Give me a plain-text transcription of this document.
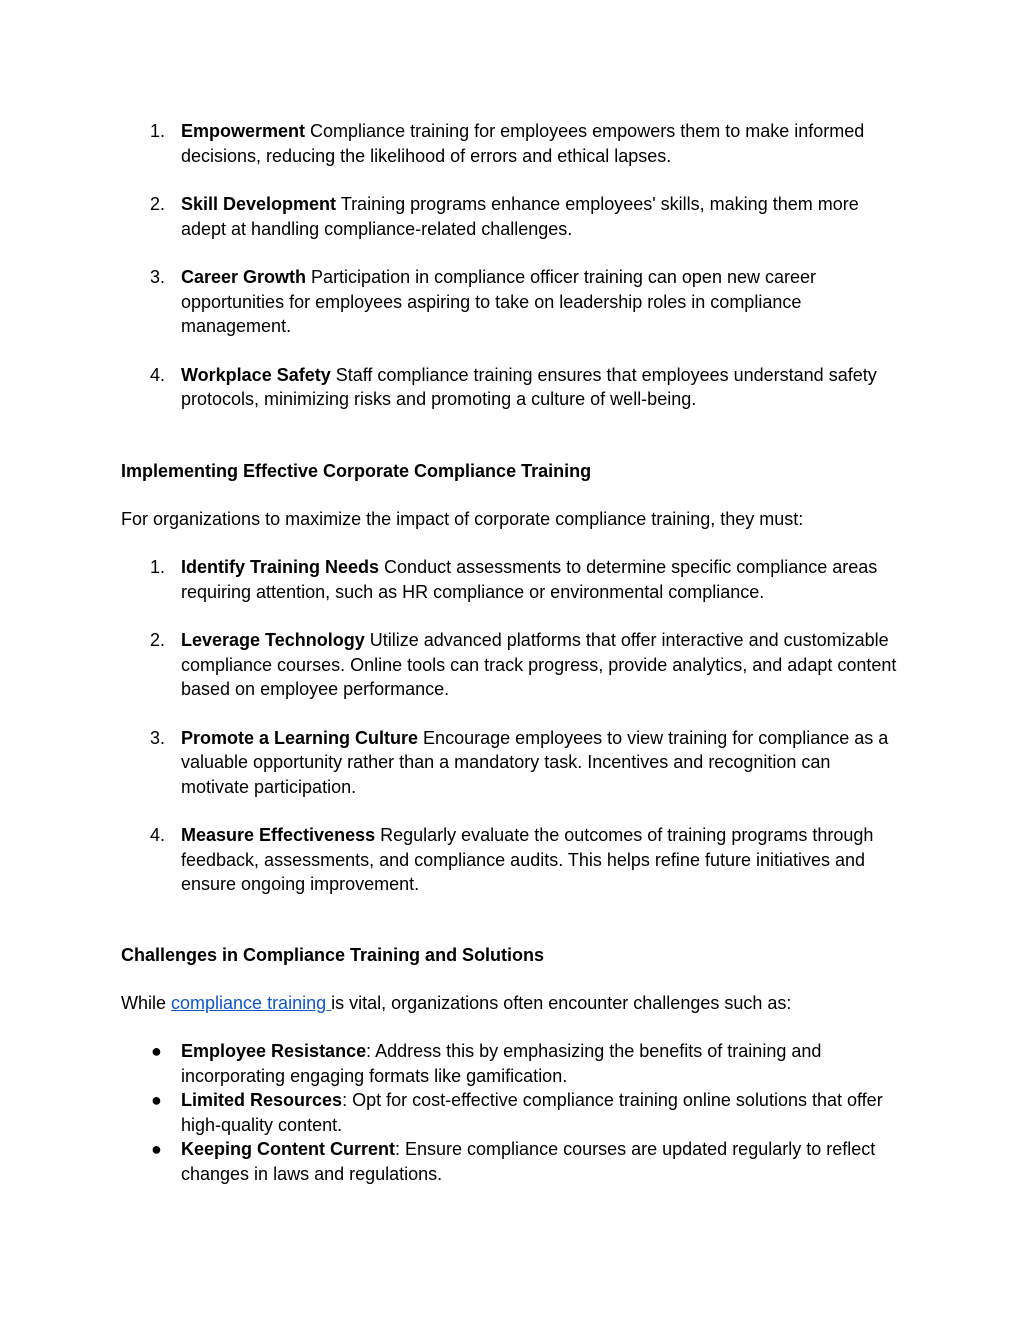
1. Empowerment Compliance training for employees empowers them to make informed decisions, reducing the likelihood of errors and ethical lapses.
2. Skill Development Training programs enhance employees' skills, making them more adept at handling compliance-related challenges.
3. Career Growth Participation in compliance officer training can open new career opportunities for employees aspiring to take on leadership roles in compliance management.
4. Workplace Safety Staff compliance training ensures that employees understand safety protocols, minimizing risks and promoting a culture of well-being.
Implementing Effective Corporate Compliance Training
For organizations to maximize the impact of corporate compliance training, they must:
1. Identify Training Needs Conduct assessments to determine specific compliance areas requiring attention, such as HR compliance or environmental compliance.
2. Leverage Technology Utilize advanced platforms that offer interactive and customizable compliance courses. Online tools can track progress, provide analytics, and adapt content based on employee performance.
3. Promote a Learning Culture Encourage employees to view training for compliance as a valuable opportunity rather than a mandatory task. Incentives and recognition can motivate participation.
4. Measure Effectiveness Regularly evaluate the outcomes of training programs through feedback, assessments, and compliance audits. This helps refine future initiatives and ensure ongoing improvement.
Challenges in Compliance Training and Solutions
While compliance training is vital, organizations often encounter challenges such as:
● Employee Resistance: Address this by emphasizing the benefits of training and incorporating engaging formats like gamification.
● Limited Resources: Opt for cost-effective compliance training online solutions that offer high-quality content.
● Keeping Content Current: Ensure compliance courses are updated regularly to reflect changes in laws and regulations.
